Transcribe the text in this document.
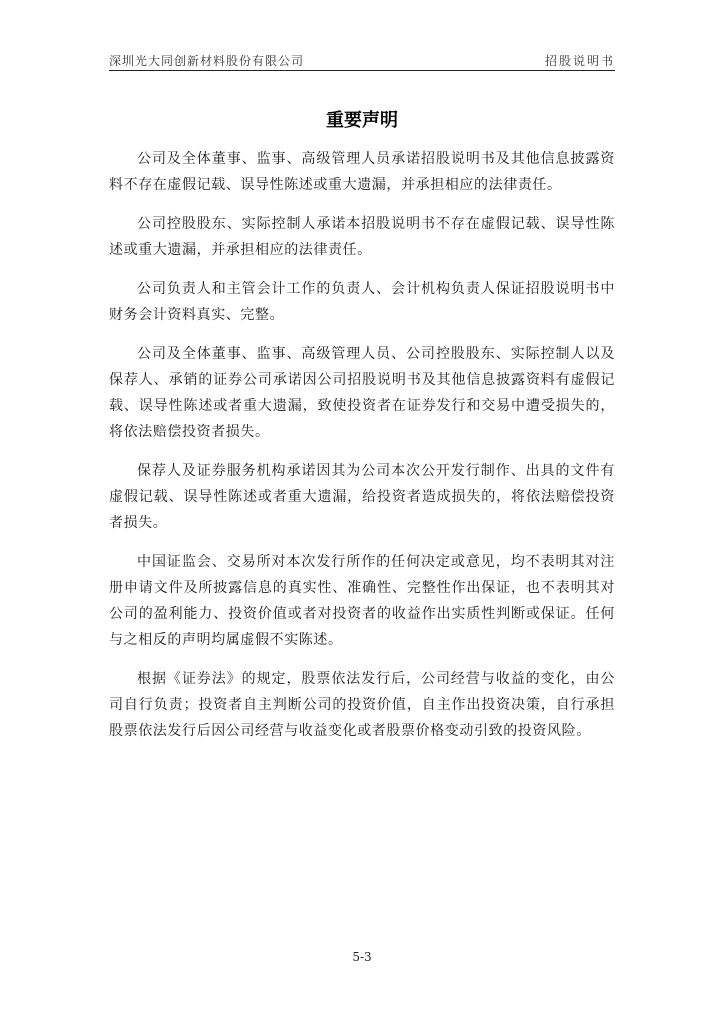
深圳光大同创新材料股份有限公司	招股说明书
重要声明

公司及全体董事、监事、高级管理人员承诺招股说明书及其他信息披露资料不存在虚假记载、误导性陈述或重大遗漏，并承担相应的法律责任。

公司控股股东、实际控制人承诺本招股说明书不存在虚假记载、误导性陈述或重大遗漏，并承担相应的法律责任。

公司负责人和主管会计工作的负责人、会计机构负责人保证招股说明书中财务会计资料真实、完整。

公司及全体董事、监事、高级管理人员、公司控股股东、实际控制人以及保荐人、承销的证券公司承诺因公司招股说明书及其他信息披露资料有虚假记载、误导性陈述或者重大遗漏，致使投资者在证券发行和交易中遭受损失的，将依法赔偿投资者损失。

保荐人及证券服务机构承诺因其为公司本次公开发行制作、出具的文件有虚假记载、误导性陈述或者重大遗漏，给投资者造成损失的，将依法赔偿投资者损失。

中国证监会、交易所对本次发行所作的任何决定或意见，均不表明其对注册申请文件及所披露信息的真实性、准确性、完整性作出保证，也不表明其对公司的盈利能力、投资价值或者对投资者的收益作出实质性判断或保证。任何与之相反的声明均属虚假不实陈述。

根据《证券法》的规定，股票依法发行后，公司经营与收益的变化，由公司自行负责；投资者自主判断公司的投资价值，自主作出投资决策，自行承担股票依法发行后因公司经营与收益变化或者股票价格变动引致的投资风险。

5-3
